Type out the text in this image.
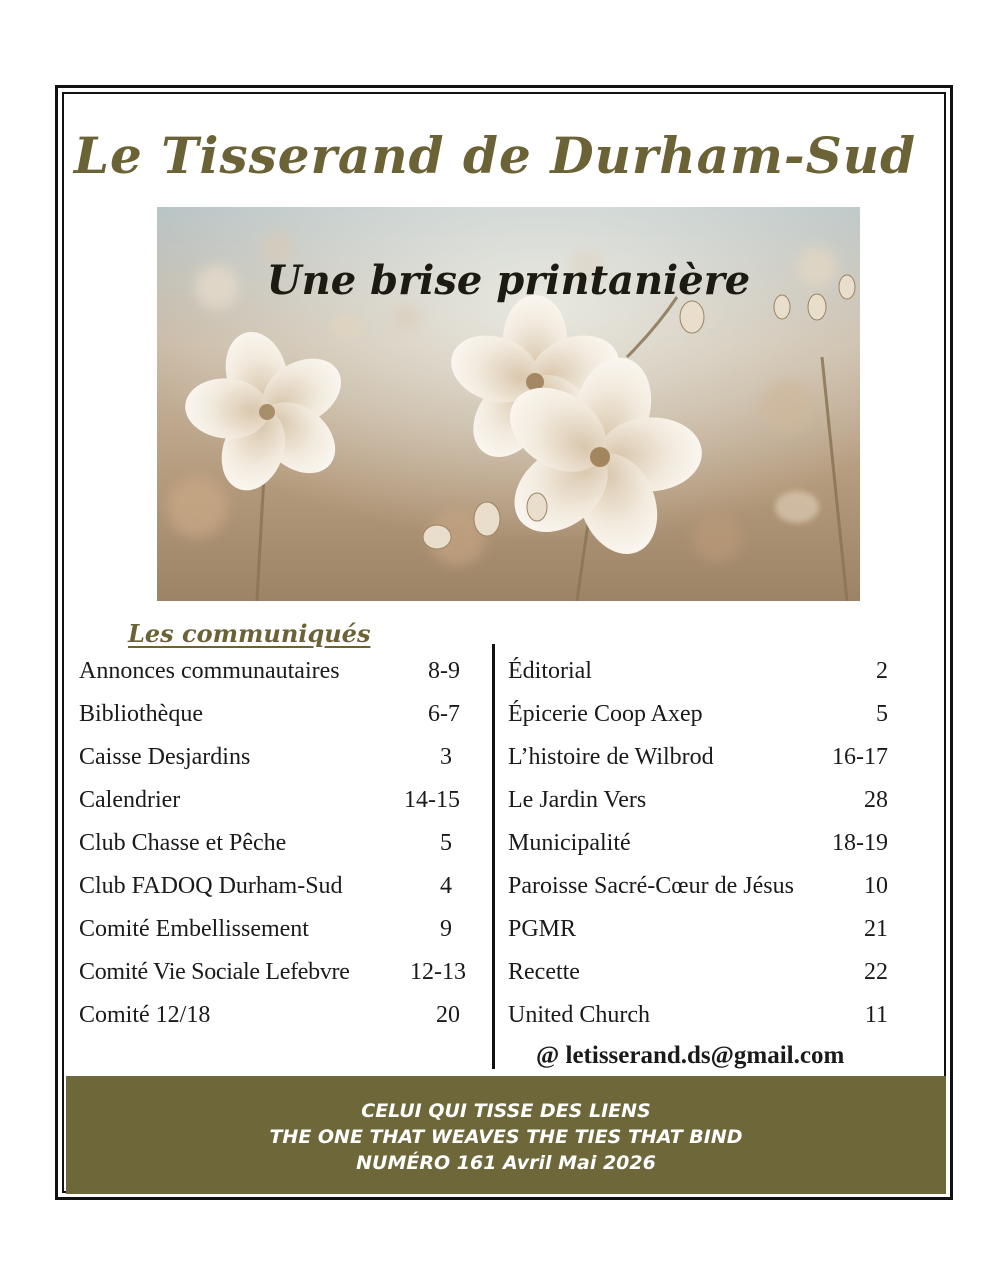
Le Tisserand de Durham-Sud
Une brise printanière
Les communiqués
Annonces communautaires	8-9
Bibliothèque	6-7
Caisse Desjardins	3
Calendrier	14-15
Club Chasse et Pêche	5
Club FADOQ Durham-Sud	4
Comité Embellissement	9
Comité Vie Sociale Lefebvre	12-13
Comité 12/18	20
Éditorial	2
Épicerie Coop Axep	5
L’histoire de Wilbrod	16-17
Le Jardin Vers	28
Municipalité	18-19
Paroisse Sacré-Cœur de Jésus	10
PGMR	21
Recette	22
United Church	11
@ letisserand.ds@gmail.com
CELUI QUI TISSE DES LIENS
THE ONE THAT WEAVES THE TIES THAT BIND
NUMÉRO 161 Avril Mai 2026
